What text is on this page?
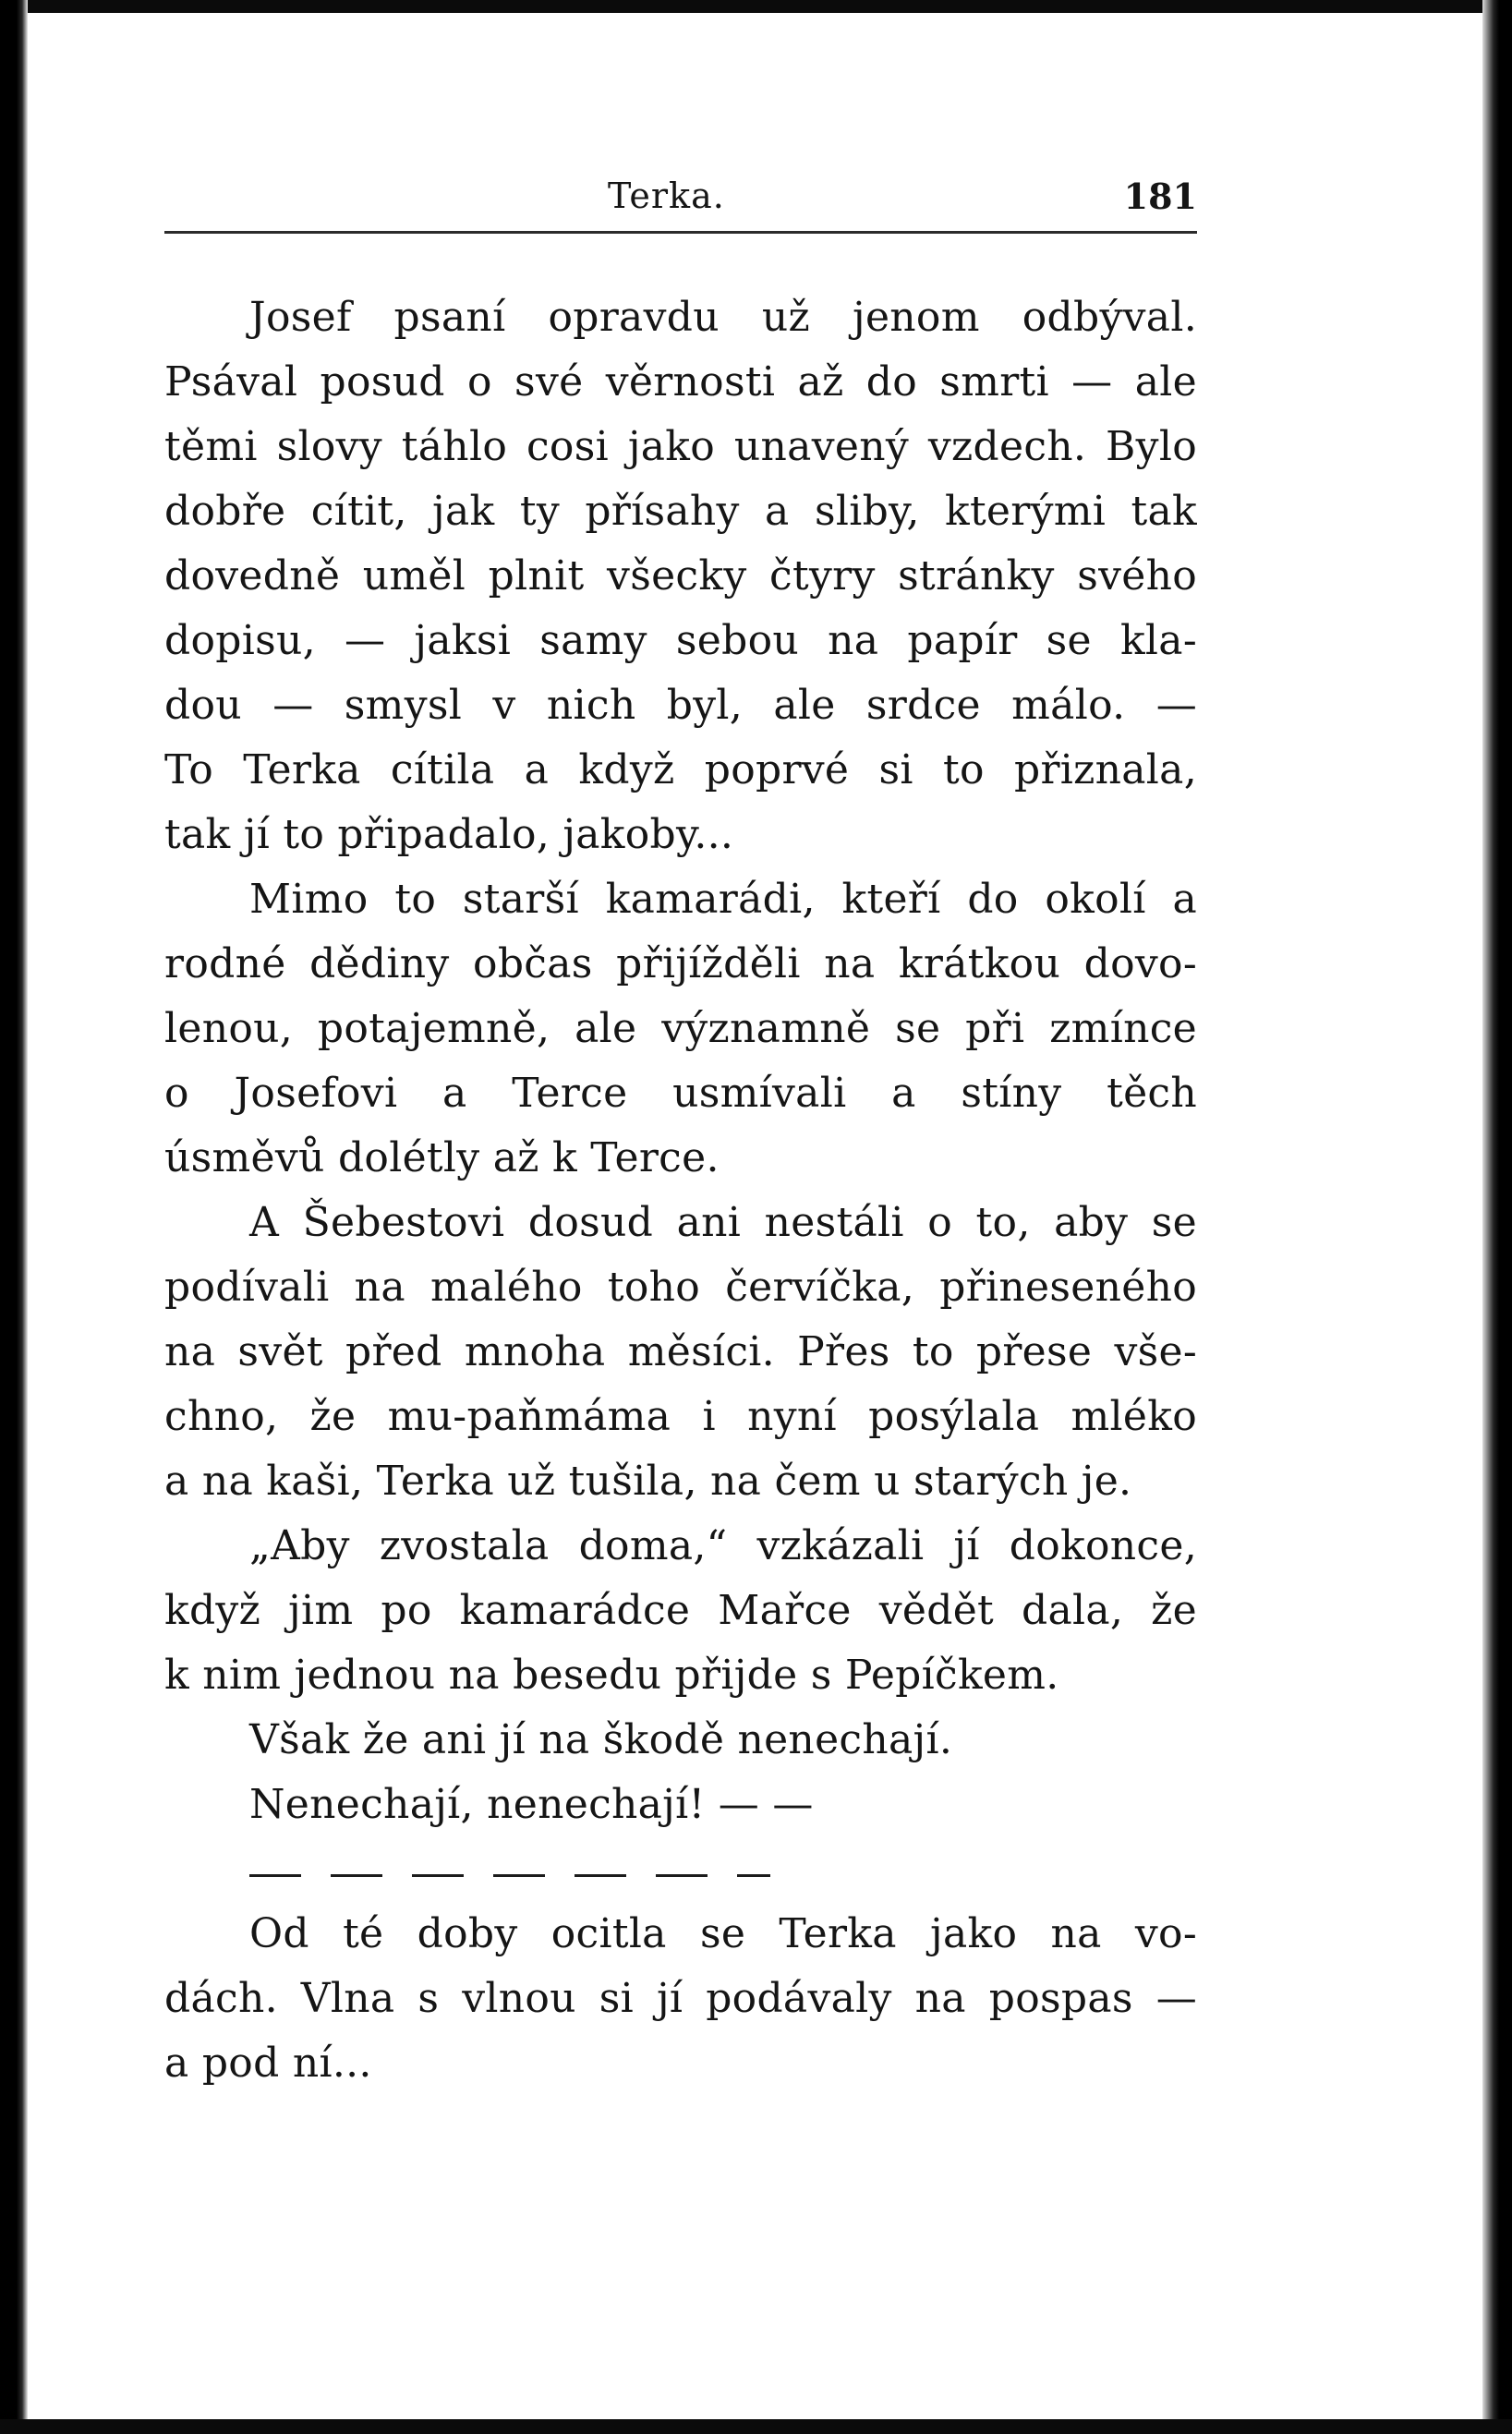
Terka.	181
Josef psaní opravdu už jenom odbýval.
Psával posud o své věrnosti až do smrti — ale
těmi slovy táhlo cosi jako unavený vzdech. Bylo
dobře cítit, jak ty přísahy a sliby, kterými tak
dovedně uměl plnit všecky čtyry stránky svého
dopisu, — jaksi samy sebou na papír se kla-
dou — smysl v nich byl, ale srdce málo. —
To Terka cítila a když poprvé si to přiznala,
tak jí to připadalo, jakoby...
Mimo to starší kamarádi, kteří do okolí a
rodné dědiny občas přijížděli na krátkou dovo-
lenou, potajemně, ale významně se při zmínce
o Josefovi a Terce usmívali a stíny těch
úsměvů dolétly až k Terce.
A Šebestovi dosud ani nestáli o to, aby se
podívali na malého toho červíčka, přineseného
na svět před mnoha měsíci. Přes to přese vše-
chno, že mu-paňmáma i nyní posýlala mléko
a na kaši, Terka už tušila, na čem u starých je.
„Aby zvostala doma,“ vzkázali jí dokonce,
když jim po kamarádce Mařce vědět dala, že
k nim jednou na besedu přijde s Pepíčkem.
Však že ani jí na škodě nenechají.
Nenechají, nenechají! — —
Od té doby ocitla se Terka jako na vo-
dách. Vlna s vlnou si jí podávaly na pospas —
a pod ní...
